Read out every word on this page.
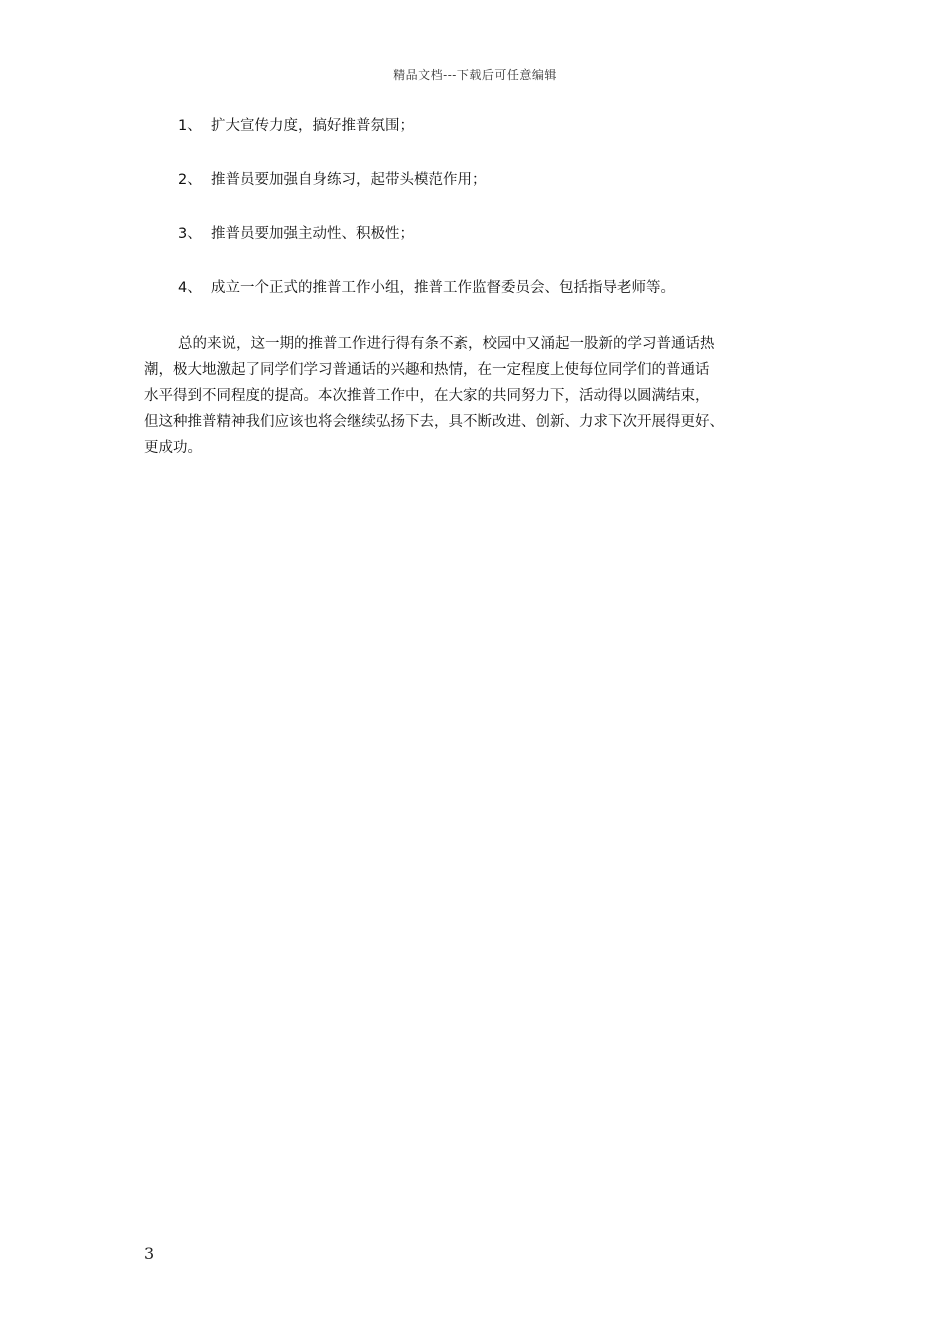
精品文档---下载后可任意编辑
1、 扩大宣传力度，搞好推普氛围；
2、 推普员要加强自身练习，起带头模范作用；
3、 推普员要加强主动性、积极性；
4、 成立一个正式的推普工作小组，推普工作监督委员会、包括指导老师等。
总的来说，这一期的推普工作进行得有条不紊，校园中又涌起一股新的学习普通话热
潮，极大地激起了同学们学习普通话的兴趣和热情，在一定程度上使每位同学们的普通话
水平得到不同程度的提高。本次推普工作中，在大家的共同努力下，活动得以圆满结束，
但这种推普精神我们应该也将会继续弘扬下去，具不断改进、创新、力求下次开展得更好、
更成功。
3
